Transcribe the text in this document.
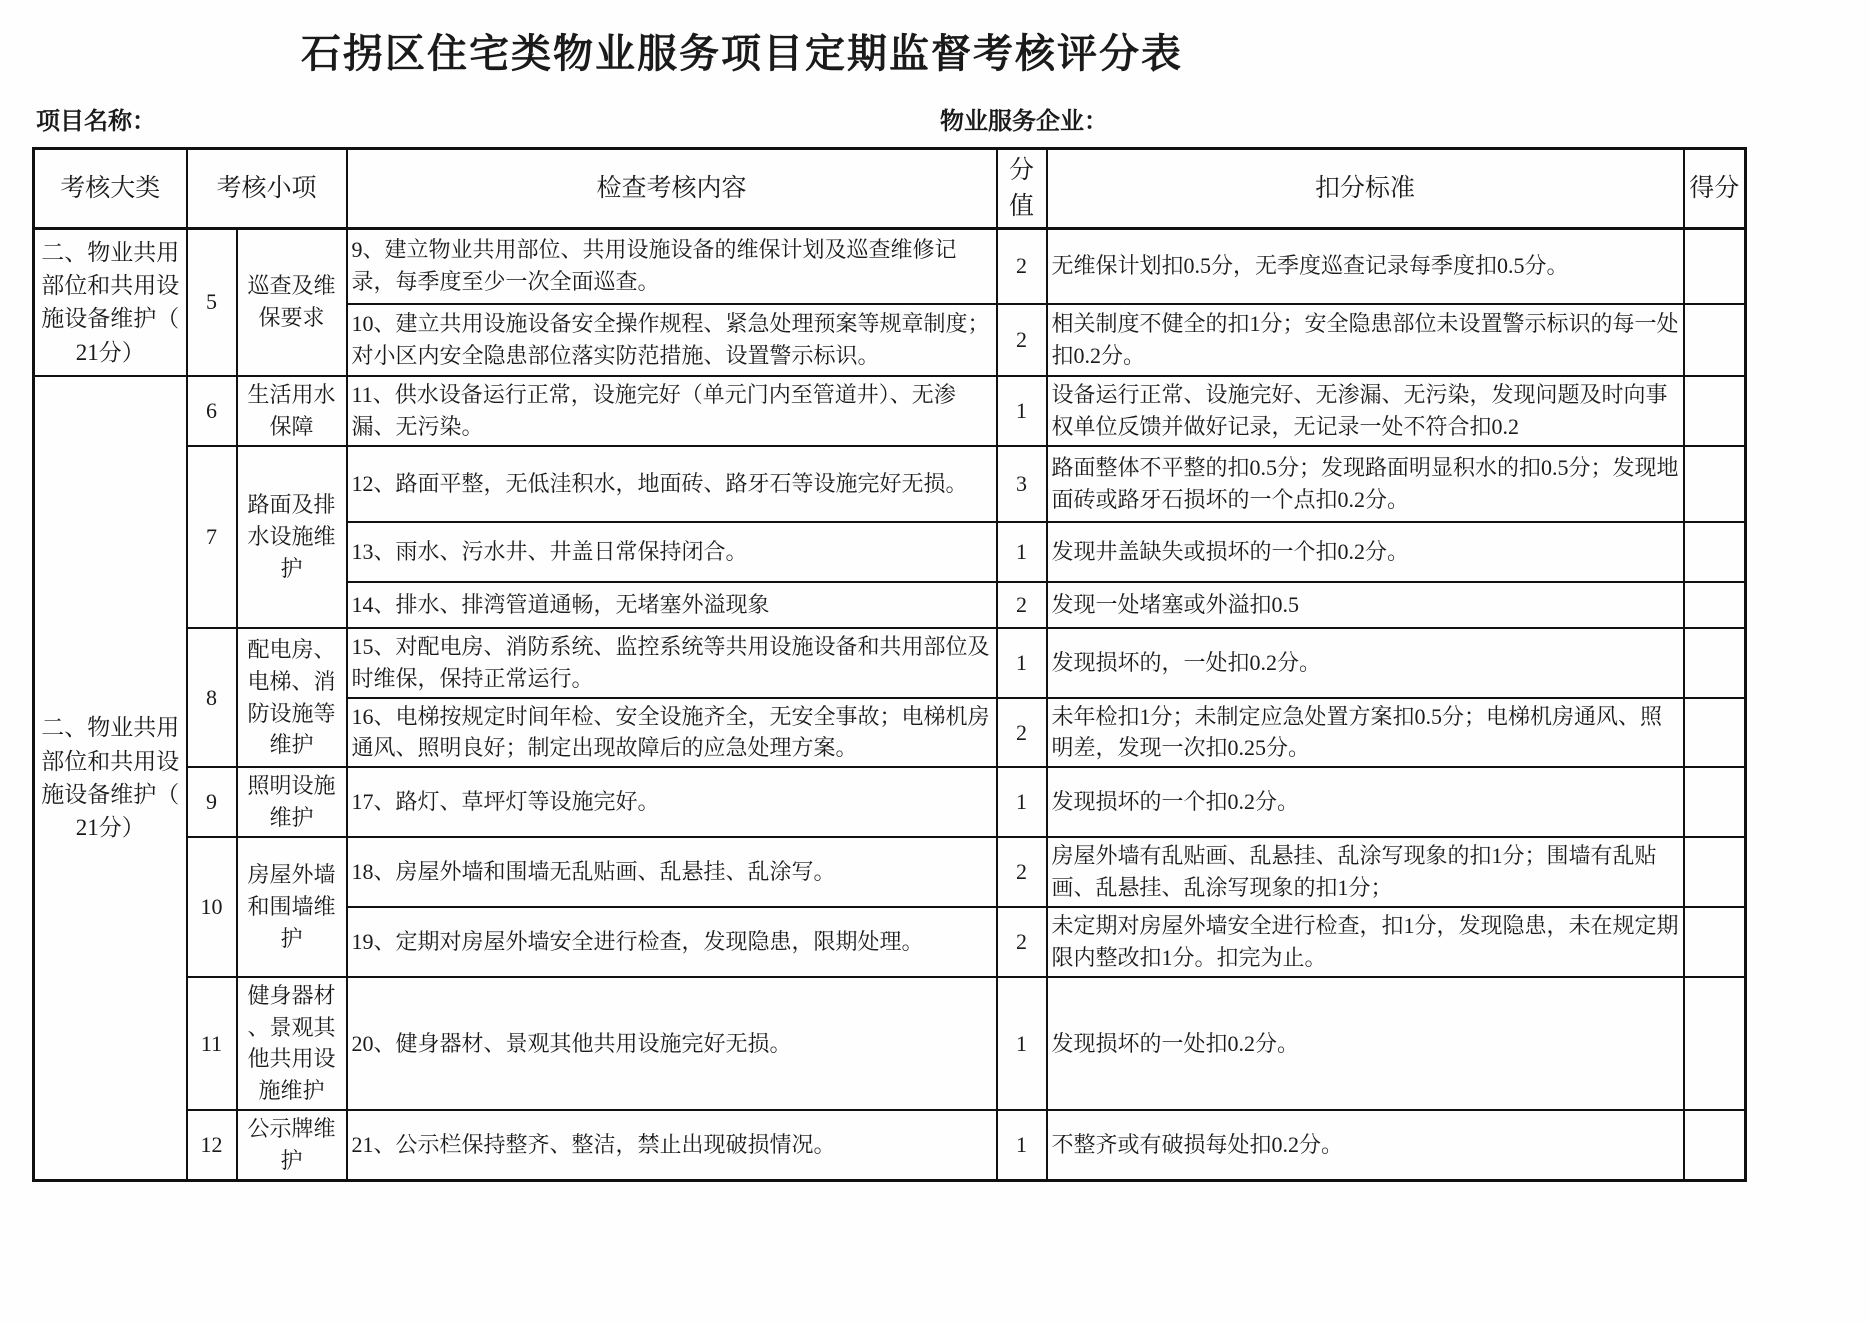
石拐区住宅类物业服务项目定期监督考核评分表
项目名称：	物业服务企业：
考核大类	考核小项		检查考核内容	分值	扣分标准	得分
二、物业共用部位和共用设施设备维护（21分）	5	巡查及维保要求	9、建立物业共用部位、共用设施设备的维保计划及巡查维修记录，每季度至少一次全面巡查。	2	无维保计划扣0.5分，无季度巡查记录每季度扣0.5分。	
			10、建立共用设施设备安全操作规程、紧急处理预案等规章制度；对小区内安全隐患部位落实防范措施、设置警示标识。	2	相关制度不健全的扣1分；安全隐患部位未设置警示标识的每一处扣0.2分。	
二、物业共用部位和共用设施设备维护（21分）	6	生活用水保障	11、供水设备运行正常，设施完好（单元门内至管道井）、无渗漏、无污染。	1	设备运行正常、设施完好、无渗漏、无污染，发现问题及时向事权单位反馈并做好记录，无记录一处不符合扣0.2	
	7	路面及排水设施维护	12、路面平整，无低洼积水，地面砖、路牙石等设施完好无损。	3	路面整体不平整的扣0.5分；发现路面明显积水的扣0.5分；发现地面砖或路牙石损坏的一个点扣0.2分。	
			13、雨水、污水井、井盖日常保持闭合。	1	发现井盖缺失或损坏的一个扣0.2分。	
			14、排水、排湾管道通畅，无堵塞外溢现象	2	发现一处堵塞或外溢扣0.5	
	8	配电房、电梯、消防设施等维护	15、对配电房、消防系统、监控系统等共用设施设备和共用部位及时维保，保持正常运行。	1	发现损坏的，一处扣0.2分。	
			16、电梯按规定时间年检、安全设施齐全，无安全事故；电梯机房通风、照明良好；制定出现故障后的应急处理方案。	2	未年检扣1分；未制定应急处置方案扣0.5分；电梯机房通风、照明差，发现一次扣0.25分。	
	9	照明设施维护	17、路灯、草坪灯等设施完好。	1	发现损坏的一个扣0.2分。	
	10	房屋外墙和围墙维护	18、房屋外墙和围墙无乱贴画、乱悬挂、乱涂写。	2	房屋外墙有乱贴画、乱悬挂、乱涂写现象的扣1分；围墙有乱贴画、乱悬挂、乱涂写现象的扣1分；	
			19、定期对房屋外墙安全进行检查，发现隐患，限期处理。	2	未定期对房屋外墙安全进行检查，扣1分，发现隐患，未在规定期限内整改扣1分。扣完为止。	
	11	健身器材、景观其他共用设施维护	20、健身器材、景观其他共用设施完好无损。	1	发现损坏的一处扣0.2分。	
	12	公示牌维护	21、公示栏保持整齐、整洁，禁止出现破损情况。	1	不整齐或有破损每处扣0.2分。	
